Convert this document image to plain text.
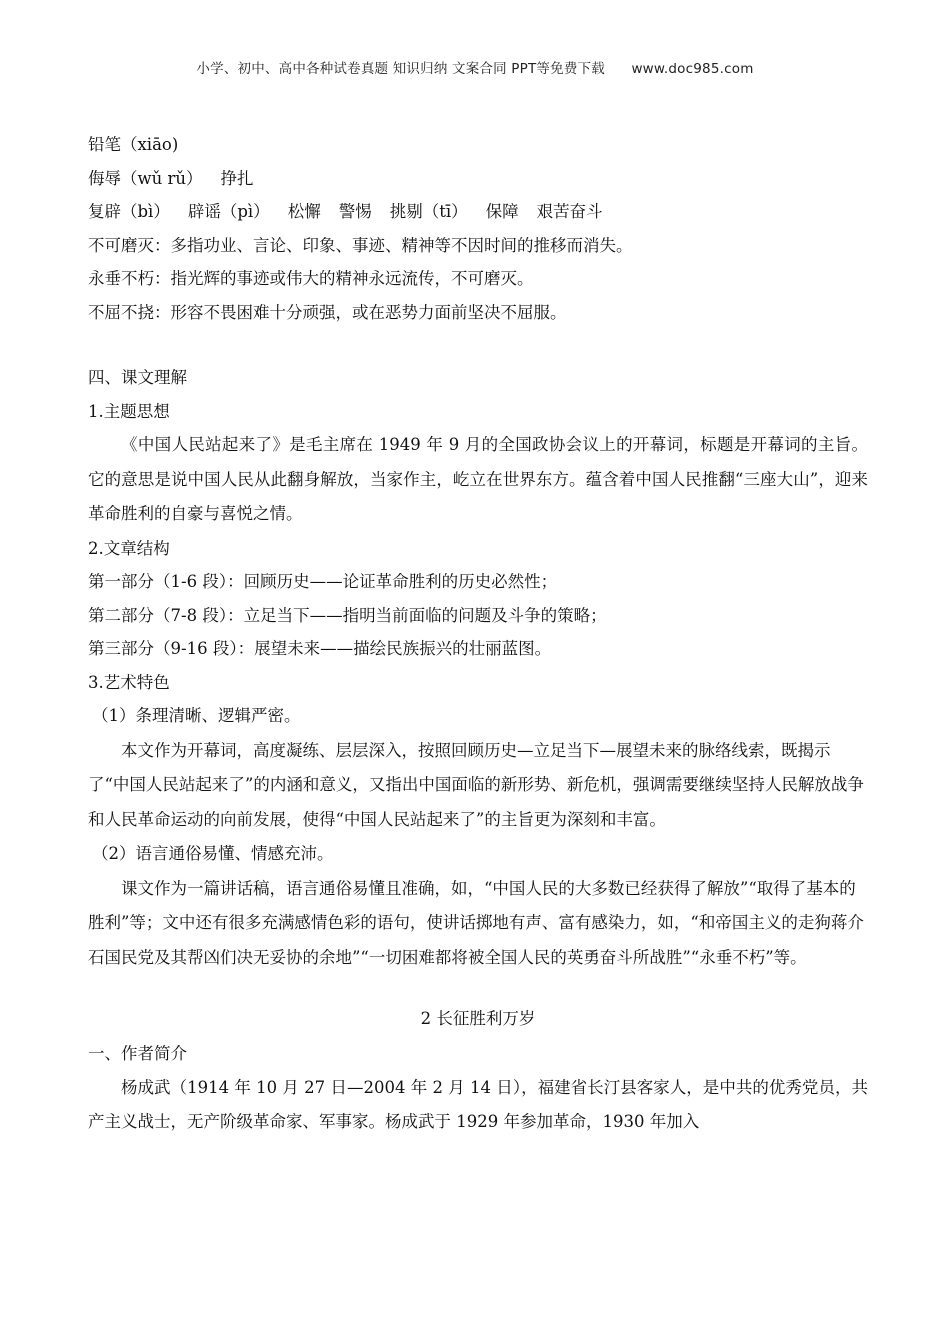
小学、初中、高中各种试卷真题 知识归纳 文案合同 PPT等免费下载 www.doc985.com
铅笔（xiāo)
侮辱（wǔ rǔ） 挣扎
复辟（bì） 辟谣（pì） 松懈 警惕 挑剔（tī） 保障 艰苦奋斗
不可磨灭：多指功业、言论、印象、事迹、精神等不因时间的推移而消失。
永垂不朽：指光辉的事迹或伟大的精神永远流传，不可磨灭。
不屈不挠：形容不畏困难十分顽强，或在恶势力面前坚决不屈服。
四、课文理解
1.主题思想
《中国人民站起来了》是毛主席在 1949 年 9 月的全国政协会议上的开幕词，标题是开幕词的主旨。它的意思是说中国人民从此翻身解放，当家作主，屹立在世界东方。蕴含着中国人民推翻“三座大山”，迎来革命胜利的自豪与喜悦之情。
2.文章结构
第一部分（1-6 段）：回顾历史——论证革命胜利的历史必然性；
第二部分（7-8 段）：立足当下——指明当前面临的问题及斗争的策略；
第三部分（9-16 段）：展望未来——描绘民族振兴的壮丽蓝图。
3.艺术特色
（1）条理清晰、逻辑严密。
本文作为开幕词，高度凝练、层层深入，按照回顾历史—立足当下—展望未来的脉络线索，既揭示了“中国人民站起来了”的内涵和意义，又指出中国面临的新形势、新危机，强调需要继续坚持人民解放战争和人民革命运动的向前发展，使得“中国人民站起来了”的主旨更为深刻和丰富。
（2）语言通俗易懂、情感充沛。
课文作为一篇讲话稿，语言通俗易懂且准确，如，“中国人民的大多数已经获得了解放”“取得了基本的胜利”等；文中还有很多充满感情色彩的语句，使讲话掷地有声、富有感染力，如，“和帝国主义的走狗蒋介石国民党及其帮凶们决无妥协的余地”“一切困难都将被全国人民的英勇奋斗所战胜”“永垂不朽”等。
2 长征胜利万岁
一、作者简介
杨成武（1914 年 10 月 27 日—2004 年 2 月 14 日），福建省长汀县客家人，是中共的优秀党员，共产主义战士，无产阶级革命家、军事家。杨成武于 1929 年参加革命，1930 年加入
